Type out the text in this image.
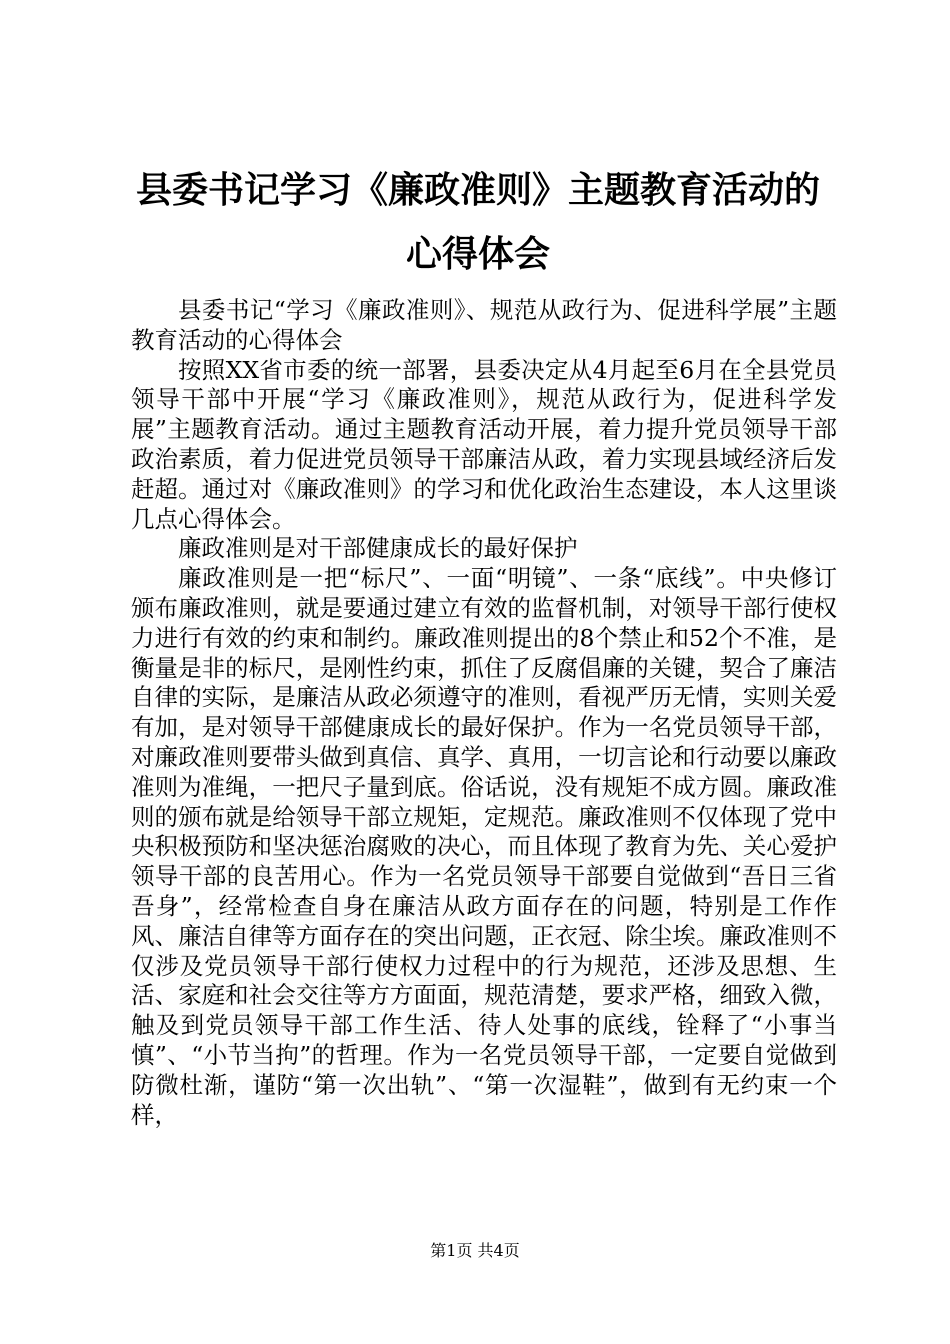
县委书记学习《廉政准则》主题教育活动的心得体会

县委书记“学习《廉政准则》、规范从政行为、促进科学展”主题教育活动的心得体会

按照XX省市委的统一部署，县委决定从4月起至6月在全县党员领导干部中开展“学习《廉政准则》，规范从政行为，促进科学发展”主题教育活动。通过主题教育活动开展，着力提升党员领导干部政治素质，着力促进党员领导干部廉洁从政，着力实现县域经济后发赶超。通过对《廉政准则》的学习和优化政治生态建设，本人这里谈几点心得体会。

廉政准则是对干部健康成长的最好保护

廉政准则是一把“标尺”、一面“明镜”、一条“底线”。中央修订颁布廉政准则，就是要通过建立有效的监督机制，对领导干部行使权力进行有效的约束和制约。廉政准则提出的8个禁止和52个不准，是衡量是非的标尺，是刚性约束，抓住了反腐倡廉的关键，契合了廉洁自律的实际，是廉洁从政必须遵守的准则，看视严历无情，实则关爱有加，是对领导干部健康成长的最好保护。作为一名党员领导干部，对廉政准则要带头做到真信、真学、真用，一切言论和行动要以廉政准则为准绳，一把尺子量到底。俗话说，没有规矩不成方圆。廉政准则的颁布就是给领导干部立规矩，定规范。廉政准则不仅体现了党中央积极预防和坚决惩治腐败的决心，而且体现了教育为先、关心爱护领导干部的良苦用心。作为一名党员领导干部要自觉做到“吾日三省吾身”，经常检查自身在廉洁从政方面存在的问题，特别是工作作风、廉洁自律等方面存在的突出问题，正衣冠、除尘埃。廉政准则不仅涉及党员领导干部行使权力过程中的行为规范，还涉及思想、生活、家庭和社会交往等方方面面，规范清楚，要求严格，细致入微，触及到党员领导干部工作生活、待人处事的底线，铨释了“小事当慎”、“小节当拘”的哲理。作为一名党员领导干部，一定要自觉做到防微杜渐，谨防“第一次出轨”、“第一次湿鞋”，做到有无约束一个样，

第1页 共4页
